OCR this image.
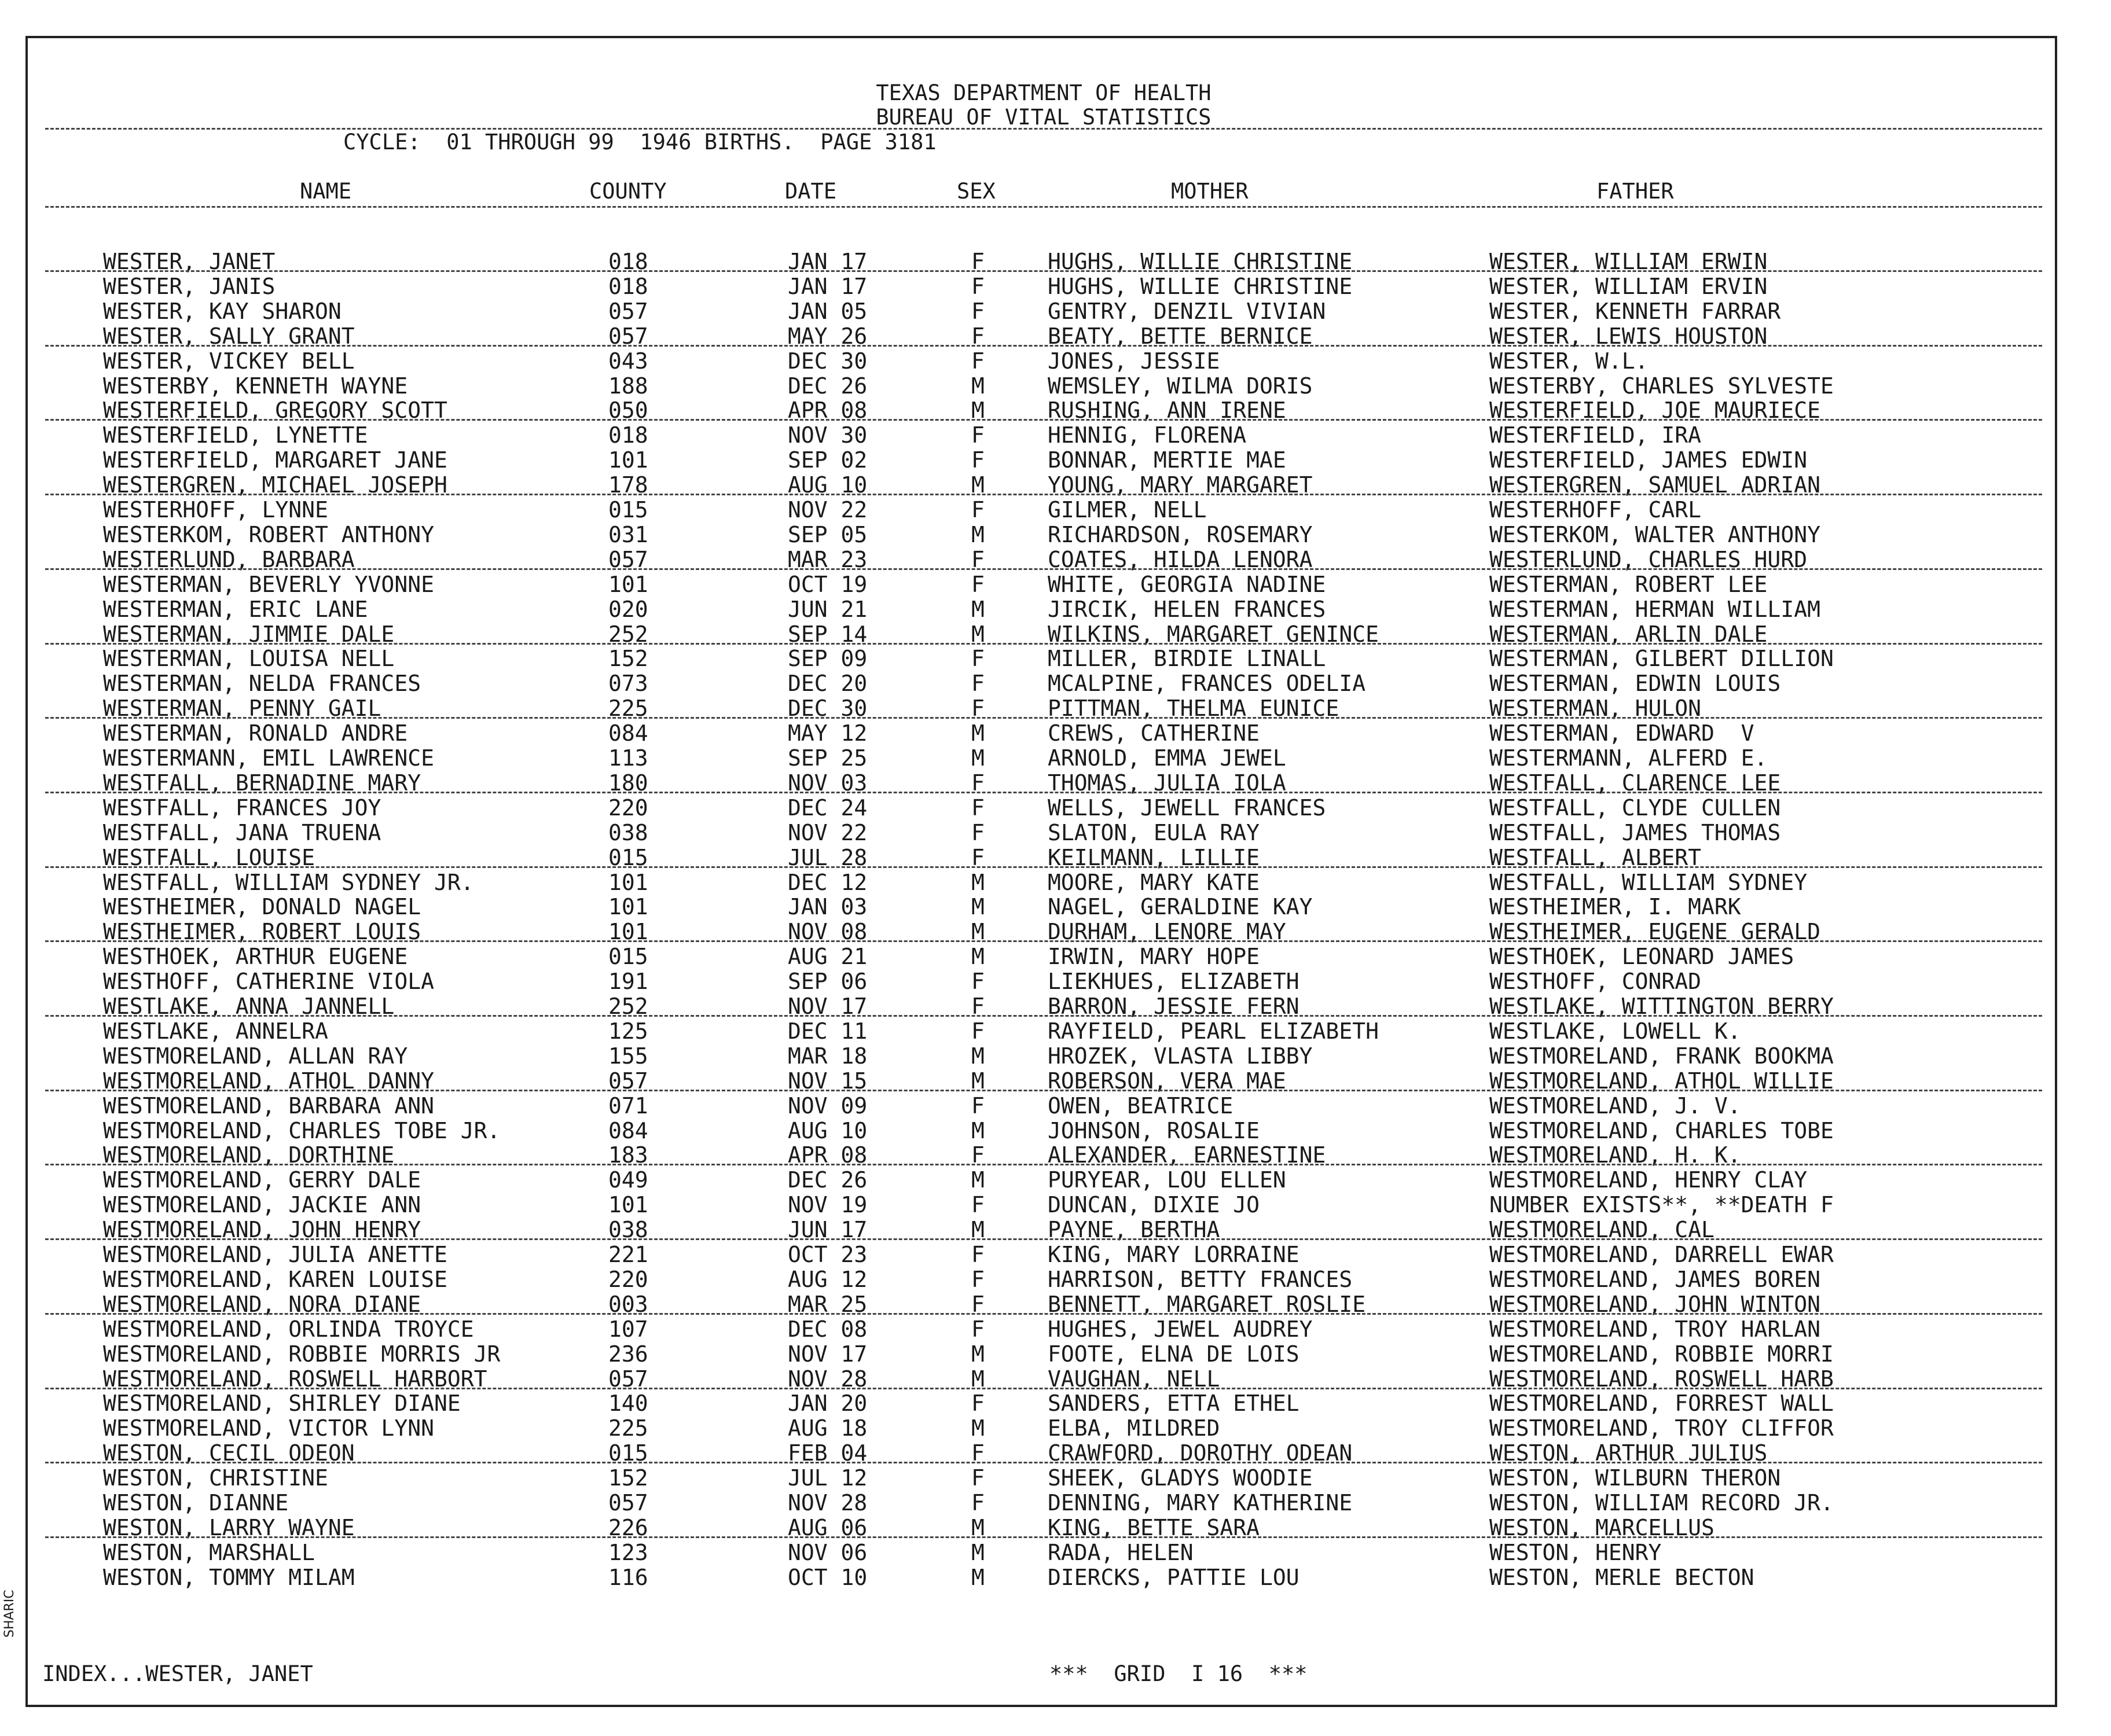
TEXAS DEPARTMENT OF HEALTH
BUREAU OF VITAL STATISTICS
CYCLE:  01 THROUGH 99  1946 BIRTHS.  PAGE 3181
NAME	COUNTY	DATE	SEX	MOTHER	FATHER
WESTER, JANET	018	JAN 17	F	HUGHS, WILLIE CHRISTINE	WESTER, WILLIAM ERWIN
WESTER, JANIS	018	JAN 17	F	HUGHS, WILLIE CHRISTINE	WESTER, WILLIAM ERVIN
WESTER, KAY SHARON	057	JAN 05	F	GENTRY, DENZIL VIVIAN	WESTER, KENNETH FARRAR
WESTER, SALLY GRANT	057	MAY 26	F	BEATY, BETTE BERNICE	WESTER, LEWIS HOUSTON
WESTER, VICKEY BELL	043	DEC 30	F	JONES, JESSIE	WESTER, W.L.
WESTERBY, KENNETH WAYNE	188	DEC 26	M	WEMSLEY, WILMA DORIS	WESTERBY, CHARLES SYLVESTE
WESTERFIELD, GREGORY SCOTT	050	APR 08	M	RUSHING, ANN IRENE	WESTERFIELD, JOE MAURIECE
WESTERFIELD, LYNETTE	018	NOV 30	F	HENNIG, FLORENA	WESTERFIELD, IRA
WESTERFIELD, MARGARET JANE	101	SEP 02	F	BONNAR, MERTIE MAE	WESTERFIELD, JAMES EDWIN
WESTERGREN, MICHAEL JOSEPH	178	AUG 10	M	YOUNG, MARY MARGARET	WESTERGREN, SAMUEL ADRIAN
WESTERHOFF, LYNNE	015	NOV 22	F	GILMER, NELL	WESTERHOFF, CARL
WESTERKOM, ROBERT ANTHONY	031	SEP 05	M	RICHARDSON, ROSEMARY	WESTERKOM, WALTER ANTHONY
WESTERLUND, BARBARA	057	MAR 23	F	COATES, HILDA LENORA	WESTERLUND, CHARLES HURD
WESTERMAN, BEVERLY YVONNE	101	OCT 19	F	WHITE, GEORGIA NADINE	WESTERMAN, ROBERT LEE
WESTERMAN, ERIC LANE	020	JUN 21	M	JIRCIK, HELEN FRANCES	WESTERMAN, HERMAN WILLIAM
WESTERMAN, JIMMIE DALE	252	SEP 14	M	WILKINS, MARGARET GENINCE	WESTERMAN, ARLIN DALE
WESTERMAN, LOUISA NELL	152	SEP 09	F	MILLER, BIRDIE LINALL	WESTERMAN, GILBERT DILLION
WESTERMAN, NELDA FRANCES	073	DEC 20	F	MCALPINE, FRANCES ODELIA	WESTERMAN, EDWIN LOUIS
WESTERMAN, PENNY GAIL	225	DEC 30	F	PITTMAN, THELMA EUNICE	WESTERMAN, HULON
WESTERMAN, RONALD ANDRE	084	MAY 12	M	CREWS, CATHERINE	WESTERMAN, EDWARD  V
WESTERMANN, EMIL LAWRENCE	113	SEP 25	M	ARNOLD, EMMA JEWEL	WESTERMANN, ALFERD E.
WESTFALL, BERNADINE MARY	180	NOV 03	F	THOMAS, JULIA IOLA	WESTFALL, CLARENCE LEE
WESTFALL, FRANCES JOY	220	DEC 24	F	WELLS, JEWELL FRANCES	WESTFALL, CLYDE CULLEN
WESTFALL, JANA TRUENA	038	NOV 22	F	SLATON, EULA RAY	WESTFALL, JAMES THOMAS
WESTFALL, LOUISE	015	JUL 28	F	KEILMANN, LILLIE	WESTFALL, ALBERT
WESTFALL, WILLIAM SYDNEY JR.	101	DEC 12	M	MOORE, MARY KATE	WESTFALL, WILLIAM SYDNEY
WESTHEIMER, DONALD NAGEL	101	JAN 03	M	NAGEL, GERALDINE KAY	WESTHEIMER, I. MARK
WESTHEIMER, ROBERT LOUIS	101	NOV 08	M	DURHAM, LENORE MAY	WESTHEIMER, EUGENE GERALD
WESTHOEK, ARTHUR EUGENE	015	AUG 21	M	IRWIN, MARY HOPE	WESTHOEK, LEONARD JAMES
WESTHOFF, CATHERINE VIOLA	191	SEP 06	F	LIEKHUES, ELIZABETH	WESTHOFF, CONRAD
WESTLAKE, ANNA JANNELL	252	NOV 17	F	BARRON, JESSIE FERN	WESTLAKE, WITTINGTON BERRY
WESTLAKE, ANNELRA	125	DEC 11	F	RAYFIELD, PEARL ELIZABETH	WESTLAKE, LOWELL K.
WESTMORELAND, ALLAN RAY	155	MAR 18	M	HROZEK, VLASTA LIBBY	WESTMORELAND, FRANK BOOKMA
WESTMORELAND, ATHOL DANNY	057	NOV 15	M	ROBERSON, VERA MAE	WESTMORELAND, ATHOL WILLIE
WESTMORELAND, BARBARA ANN	071	NOV 09	F	OWEN, BEATRICE	WESTMORELAND, J. V.
WESTMORELAND, CHARLES TOBE JR.	084	AUG 10	M	JOHNSON, ROSALIE	WESTMORELAND, CHARLES TOBE
WESTMORELAND, DORTHINE	183	APR 08	F	ALEXANDER, EARNESTINE	WESTMORELAND, H. K.
WESTMORELAND, GERRY DALE	049	DEC 26	M	PURYEAR, LOU ELLEN	WESTMORELAND, HENRY CLAY
WESTMORELAND, JACKIE ANN	101	NOV 19	F	DUNCAN, DIXIE JO	NUMBER EXISTS**, **DEATH F
WESTMORELAND, JOHN HENRY	038	JUN 17	M	PAYNE, BERTHA	WESTMORELAND, CAL
WESTMORELAND, JULIA ANETTE	221	OCT 23	F	KING, MARY LORRAINE	WESTMORELAND, DARRELL EWAR
WESTMORELAND, KAREN LOUISE	220	AUG 12	F	HARRISON, BETTY FRANCES	WESTMORELAND, JAMES BOREN
WESTMORELAND, NORA DIANE	003	MAR 25	F	BENNETT, MARGARET ROSLIE	WESTMORELAND, JOHN WINTON
WESTMORELAND, ORLINDA TROYCE	107	DEC 08	F	HUGHES, JEWEL AUDREY	WESTMORELAND, TROY HARLAN
WESTMORELAND, ROBBIE MORRIS JR	236	NOV 17	M	FOOTE, ELNA DE LOIS	WESTMORELAND, ROBBIE MORRI
WESTMORELAND, ROSWELL HARBORT	057	NOV 28	M	VAUGHAN, NELL	WESTMORELAND, ROSWELL HARB
WESTMORELAND, SHIRLEY DIANE	140	JAN 20	F	SANDERS, ETTA ETHEL	WESTMORELAND, FORREST WALL
WESTMORELAND, VICTOR LYNN	225	AUG 18	M	ELBA, MILDRED	WESTMORELAND, TROY CLIFFOR
WESTON, CECIL ODEON	015	FEB 04	F	CRAWFORD, DOROTHY ODEAN	WESTON, ARTHUR JULIUS
WESTON, CHRISTINE	152	JUL 12	F	SHEEK, GLADYS WOODIE	WESTON, WILBURN THERON
WESTON, DIANNE	057	NOV 28	F	DENNING, MARY KATHERINE	WESTON, WILLIAM RECORD JR.
WESTON, LARRY WAYNE	226	AUG 06	M	KING, BETTE SARA	WESTON, MARCELLUS
WESTON, MARSHALL	123	NOV 06	M	RADA, HELEN	WESTON, HENRY
WESTON, TOMMY MILAM	116	OCT 10	M	DIERCKS, PATTIE LOU	WESTON, MERLE BECTON
INDEX...WESTER, JANET	***  GRID  I 16  ***
SHARIC
